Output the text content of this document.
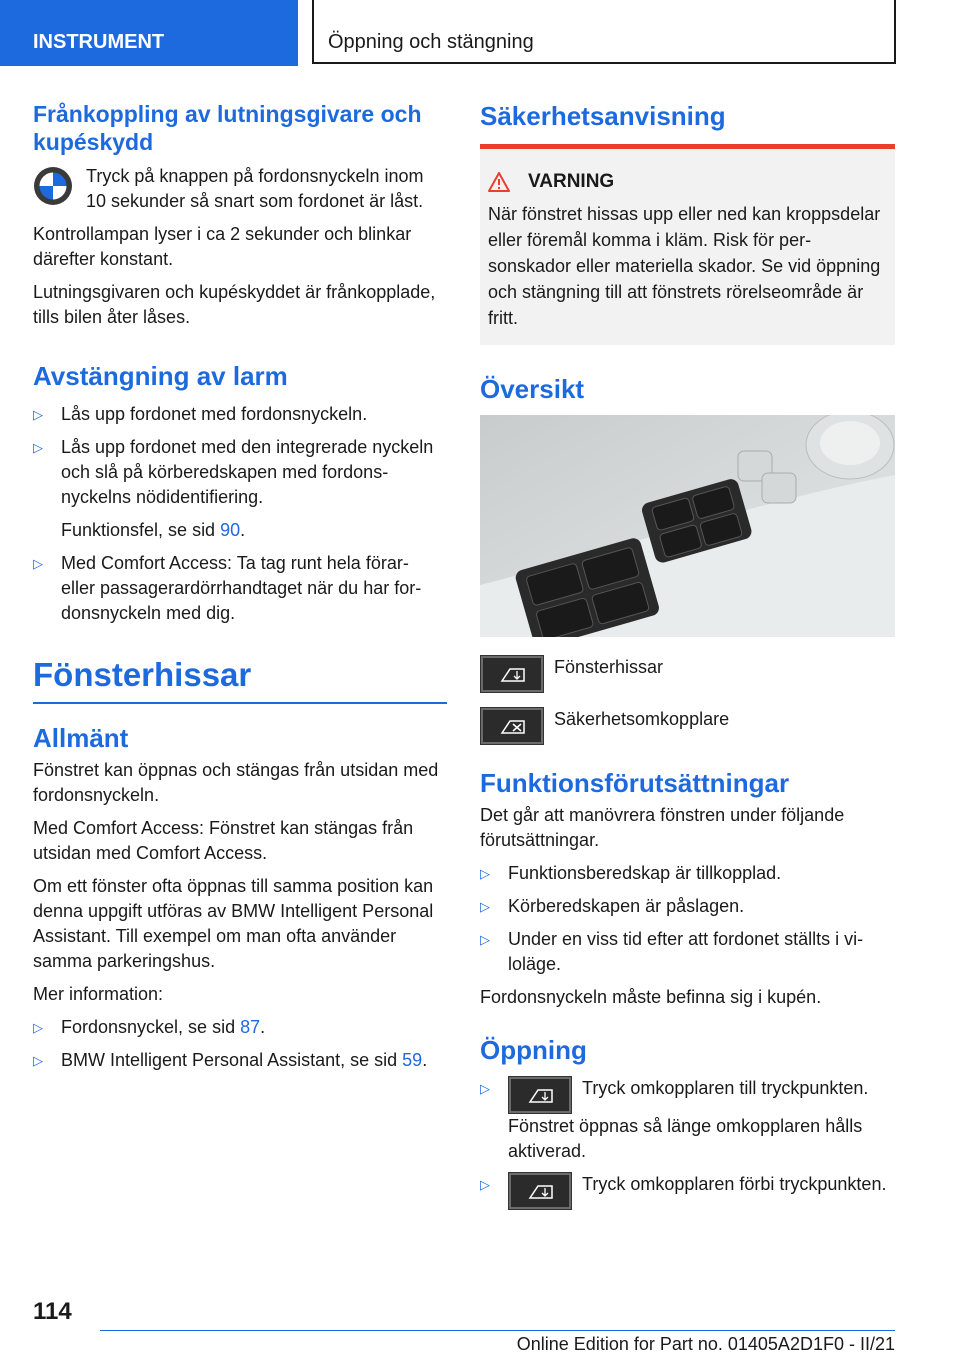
INSTRUMENT	Öppning och stängning
Frånkoppling av lutningsgivare och kupéskydd

Tryck på knappen på fordonsnyckeln inom 10 sekunder så snart som fordonet är låst.

Kontrollampan lyser i ca 2 sekunder och blinkar därefter konstant.

Lutningsgivaren och kupéskyddet är frånkopplade, tills bilen åter låses.

Avstängning av larm
▷	Lås upp fordonet med fordonsnyckeln.
▷	Lås upp fordonet med den integrerade nyckeln och slå på körberedskapen med fordonsnyckelns nödidentifiering.

Funktionsfel, se sid 90.

▷	Med Comfort Access: Ta tag runt hela förar- eller passagerardörrhandtaget när du har fordonsnyckeln med dig.
Fönsterhissar
Allmänt

Fönstret kan öppnas och stängas från utsidan med fordonsnyckeln.

Med Comfort Access: Fönstret kan stängas från utsidan med Comfort Access.

Om ett fönster ofta öppnas till samma position kan denna uppgift utföras av BMW Intelligent Personal Assistant. Till exempel om man ofta använder samma parkeringshus.

Mer information:

▷	Fordonsnyckel, se sid 87.
▷	BMW Intelligent Personal Assistant, se sid 59.
Säkerhetsanvisning
VARNING

När fönstret hissas upp eller ned kan kroppsdelar eller föremål komma i kläm. Risk för personskador eller materiella skador. Se vid öppning och stängning till att fönstrets rörelseområde är fritt.

Översikt

Fönsterhissar

Säkerhetsomkopplare

Funktionsförutsättningar

Det går att manövrera fönstren under följande förutsättningar.

▷	Funktionsberedskap är tillkopplad.
▷	Körberedskapen är påslagen.
▷	Under en viss tid efter att fordonet ställts i viloläge.

Fordonsnyckeln måste befinna sig i kupén.

Öppning
▷	Tryck omkopplaren till tryckpunkten.
Fönstret öppnas så länge omkopplaren hålls aktiverad.
▷	Tryck omkopplaren förbi tryckpunkten.
114
Online Edition for Part no. 01405A2D1F0 - II/21
